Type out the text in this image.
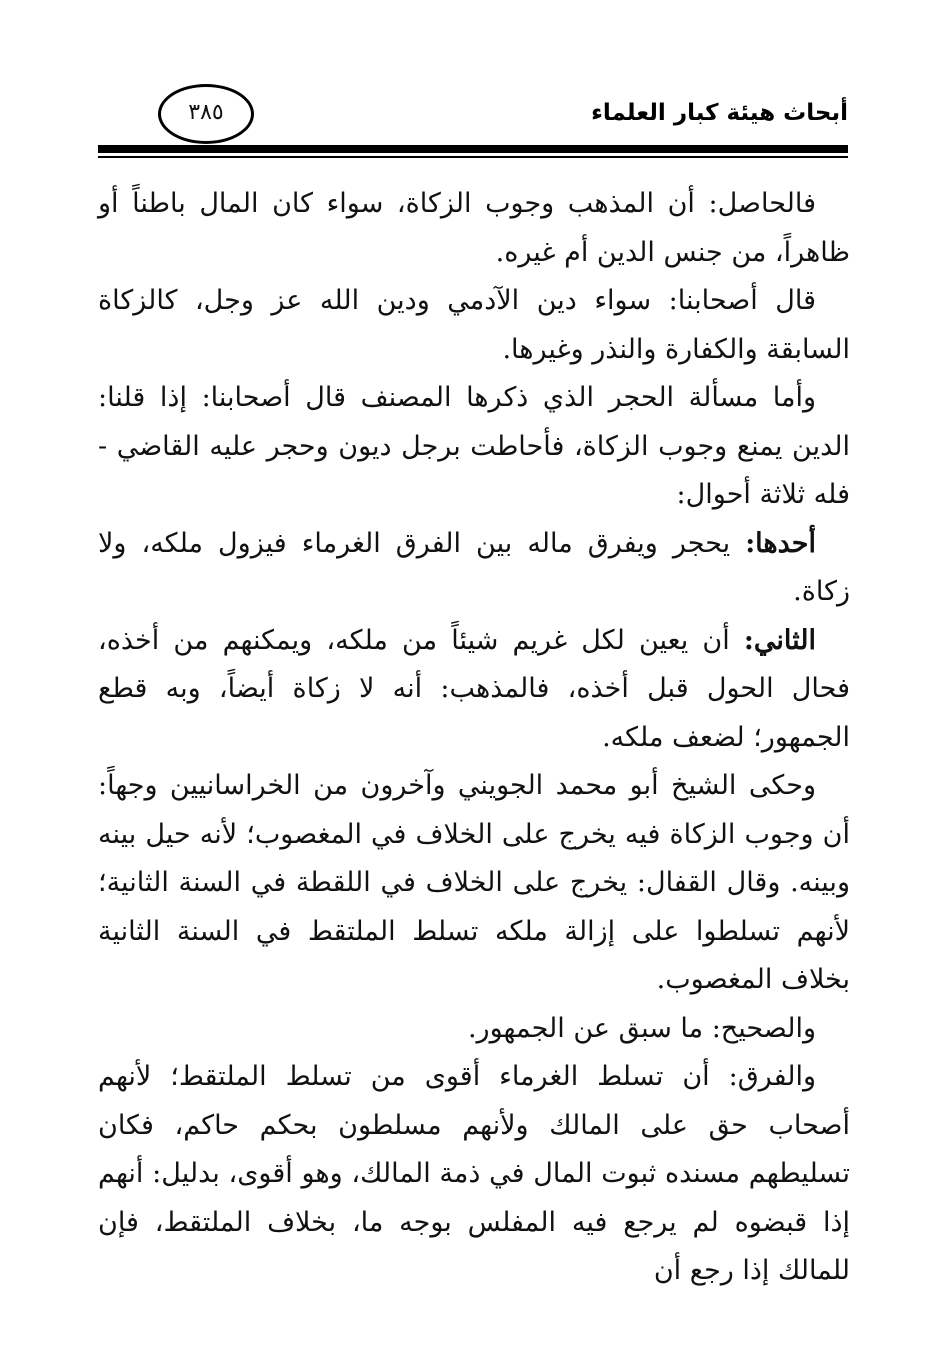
أبحاث هيئة كبار العلماء
٣٨٥

فالحاصل: أن المذهب وجوب الزكاة، سواء كان المال باطناً أو ظاهراً، من جنس الدين أم غيره.

قال أصحابنا: سواء دين الآدمي ودين الله عز وجل، كالزكاة السابقة والكفارة والنذر وغيرها.

وأما مسألة الحجر الذي ذكرها المصنف قال أصحابنا: إذا قلنا: الدين يمنع وجوب الزكاة، فأحاطت برجل ديون وحجر عليه القاضي - فله ثلاثة أحوال:

أحدها: يحجر ويفرق ماله بين الفرق الغرماء فيزول ملكه، ولا زكاة.

الثاني: أن يعين لكل غريم شيئاً من ملكه، ويمكنهم من أخذه، فحال الحول قبل أخذه، فالمذهب: أنه لا زكاة أيضاً، وبه قطع الجمهور؛ لضعف ملكه.

وحكى الشيخ أبو محمد الجويني وآخرون من الخراسانيين وجهاً: أن وجوب الزكاة فيه يخرج على الخلاف في المغصوب؛ لأنه حيل بينه وبينه. وقال القفال: يخرج على الخلاف في اللقطة في السنة الثانية؛ لأنهم تسلطوا على إزالة ملكه تسلط الملتقط في السنة الثانية بخلاف المغصوب.

والصحيح: ما سبق عن الجمهور.

والفرق: أن تسلط الغرماء أقوى من تسلط الملتقط؛ لأنهم أصحاب حق على المالك ولأنهم مسلطون بحكم حاكم، فكان تسليطهم مسنده ثبوت المال في ذمة المالك، وهو أقوى، بدليل: أنهم إذا قبضوه لم يرجع فيه المفلس بوجه ما، بخلاف الملتقط، فإن للمالك إذا رجع أن
